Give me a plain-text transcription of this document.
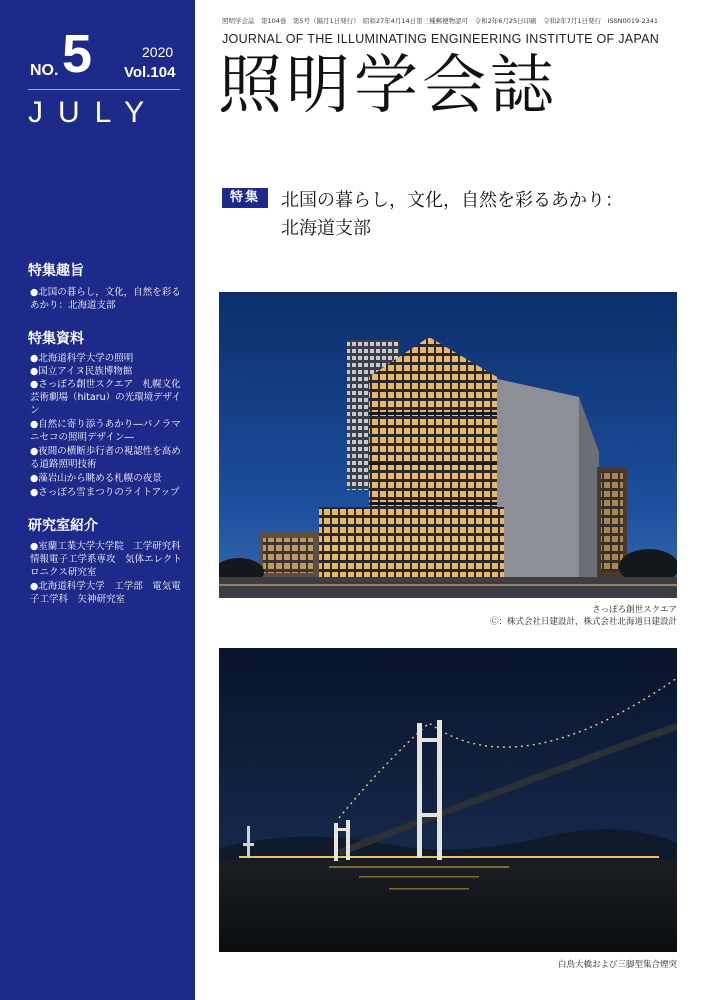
NO. 5	2020
Vol.104
JULY
特集趣旨
●北国の暮らし，文化，自然を彩るあかり：北海道支部
特集資料
●北海道科学大学の照明
●国立アイヌ民族博物館
●さっぽろ創世スクエア　札幌文化芸術劇場（hitaru）の光環境デザイン
●自然に寄り添うあかり―パノラマニセコの照明デザイン―
●夜間の横断歩行者の視認性を高める道路照明技術
●藻岩山から眺める札幌の夜景
●さっぽろ雪まつりのライトアップ
研究室紹介
●室蘭工業大学大学院　工学研究科　情報電子工学系専攻　気体エレクトロニクス研究室
●北海道科学大学　工学部　電気電子工学科　矢神研究室
照明学会誌　第104巻　第5号（隔月1日発行）　昭和27年4月14日第三種郵便物認可　令和2年6月25日印刷　令和2年7月1日発行　ISSN0019-2341
JOURNAL OF THE ILLUMINATING ENGINEERING INSTITUTE OF JAPAN
照明学会誌
特集	北国の暮らし，文化，自然を彩るあかり：
北海道支部
さっぽろ創世スクエア
Ⓒ：株式会社日建設計，株式会社北海道日建設計
白鳥大橋および三脚型集合煙突
